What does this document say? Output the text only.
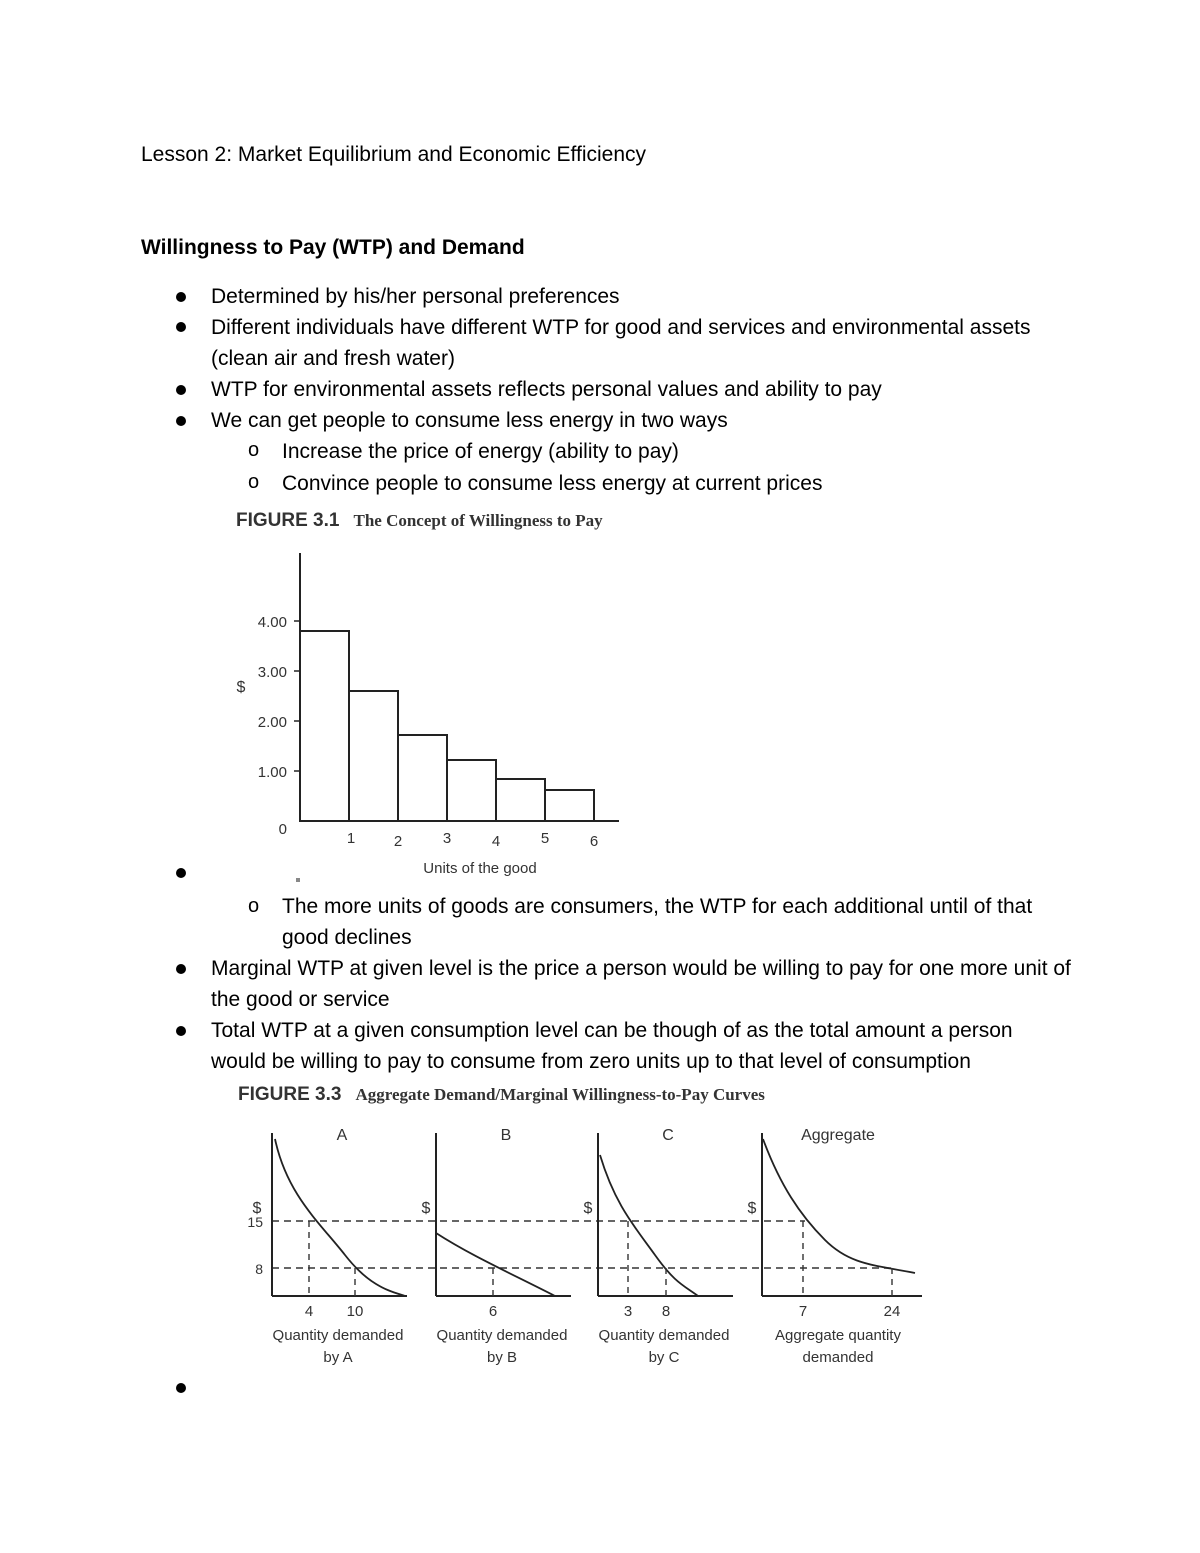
Lesson 2: Market Equilibrium and Economic Efficiency
Willingness to Pay (WTP) and Demand
Determined by his/her personal preferences
Different individuals have different WTP for good and services and environmental assets (clean air and fresh water)
WTP for environmental assets reflects personal values and ability to pay
We can get people to consume less energy in two ways
o Increase the price of energy (ability to pay)
o Convince people to consume less energy at current prices
FIGURE 3.1 The Concept of Willingness to Pay
0
1.00
2.00
3.00
4.00
$
1	2	3	4	5	6
Units of the good
o The more units of goods are consumers, the WTP for each additional until of that good declines
Marginal WTP at given level is the price a person would be willing to pay for one more unit of the good or service
Total WTP at a given consumption level can be though of as the total amount a person would be willing to pay to consume from zero units up to that level of consumption
FIGURE 3.3 Aggregate Demand/Marginal Willingness-to-Pay Curves
15
8
$
A
4 10
Quantity demanded
by A
$
B
6
Quantity demanded
by B
$
C
3 8
Quantity demanded
by C
$
Aggregate
7	24
Aggregate quantity
demanded
